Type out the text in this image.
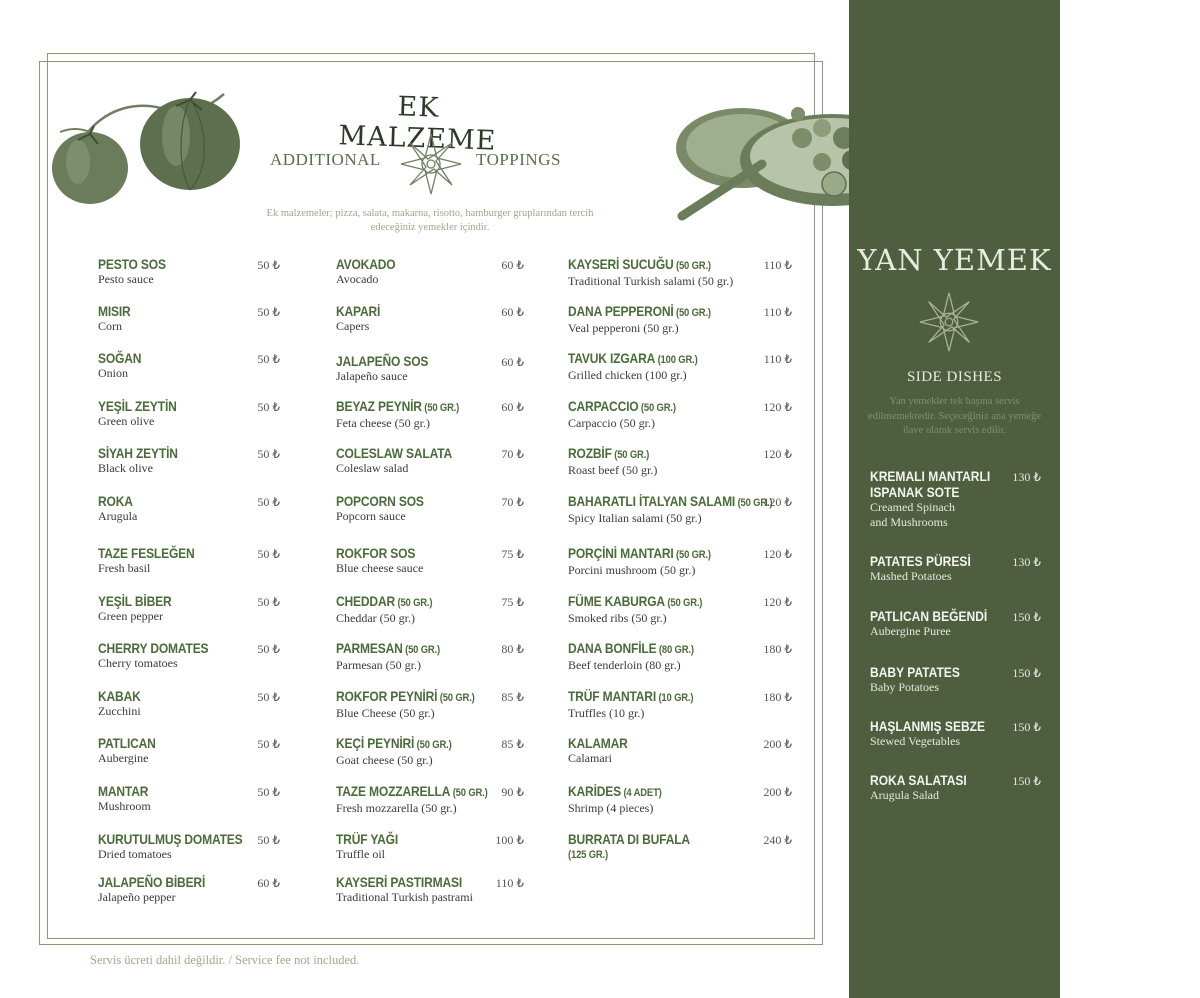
EK MALZEME
ADDITIONAL	TOPPINGS
Ek malzemeler; pizza, salata, makarna, risotto, hamburger gruplarından tercih edeceğiniz yemekler içindir.
PESTO SOS
Pesto sauce
50 ₺
MISIR
Corn
50 ₺
SOĞAN
Onion
50 ₺
YEŞİL ZEYTİN
Green olive
50 ₺
SİYAH ZEYTİN
Black olive
50 ₺
ROKA
Arugula
50 ₺
TAZE FESLEĞEN
Fresh basil
50 ₺
YEŞİL BİBER
Green pepper
50 ₺
CHERRY DOMATES
Cherry tomatoes
50 ₺
KABAK
Zucchini
50 ₺
PATLICAN
Aubergine
50 ₺
MANTAR
Mushroom
50 ₺
KURUTULMUŞ DOMATES
Dried tomatoes
50 ₺
JALAPEÑO BİBERİ
Jalapeño pepper
60 ₺
AVOKADO
Avocado
60 ₺
KAPARİ
Capers
60 ₺
JALAPEÑO SOS
Jalapeño sauce
60 ₺
BEYAZ PEYNİR (50 GR.)
Feta cheese (50 gr.)
60 ₺
COLESLAW SALATA
Coleslaw salad
70 ₺
POPCORN SOS
Popcorn sauce
70 ₺
ROKFOR SOS
Blue cheese sauce
75 ₺
CHEDDAR (50 GR.)
Cheddar (50 gr.)
75 ₺
PARMESAN (50 GR.)
Parmesan (50 gr.)
80 ₺
ROKFOR PEYNİRİ (50 GR.)
Blue Cheese (50 gr.)
85 ₺
KEÇİ PEYNİRİ (50 GR.)
Goat cheese (50 gr.)
85 ₺
TAZE MOZZARELLA (50 GR.)
Fresh mozzarella (50 gr.)
90 ₺
TRÜF YAĞI
Truffle oil
100 ₺
KAYSERİ PASTIRMASI
Traditional Turkish pastrami
110 ₺
KAYSERİ SUCUĞU (50 GR.)
Traditional Turkish salami (50 gr.)
110 ₺
DANA PEPPERONİ (50 GR.)
Veal pepperoni (50 gr.)
110 ₺
TAVUK IZGARA (100 GR.)
Grilled chicken (100 gr.)
110 ₺
CARPACCIO (50 GR.)
Carpaccio (50 gr.)
120 ₺
ROZBİF (50 GR.)
Roast beef (50 gr.)
120 ₺
BAHARATLI İTALYAN SALAMI (50 GR.)
Spicy Italian salami (50 gr.)
120 ₺
PORÇİNİ MANTARI (50 GR.)
Porcini mushroom (50 gr.)
120 ₺
FÜME KABURGA (50 GR.)
Smoked ribs (50 gr.)
120 ₺
DANA BONFİLE (80 GR.)
Beef tenderloin (80 gr.)
180 ₺
TRÜF MANTARI (10 GR.)
Truffles (10 gr.)
180 ₺
KALAMAR
Calamari
200 ₺
KARİDES (4 ADET)
Shrimp (4 pieces)
200 ₺
BURRATA DI BUFALA
(125 GR.)
240 ₺
Servis ücreti dahil değildir. / Service fee not included.
YAN YEMEK
SIDE DISHES
Yan yemekler tek başına servis edilmemektedir. Seçeceğiniz ana yemeğe ilave olarak servis edilir.
KREMALI MANTARLI
ISPANAK SOTE
Creamed Spinach
and Mushrooms
130 ₺
PATATES PÜRESİ
Mashed Potatoes
130 ₺
PATLICAN BEĞENDİ
Aubergine Puree
150 ₺
BABY PATATES
Baby Potatoes
150 ₺
HAŞLANMIŞ SEBZE
Stewed Vegetables
150 ₺
ROKA SALATASI
Arugula Salad
150 ₺
